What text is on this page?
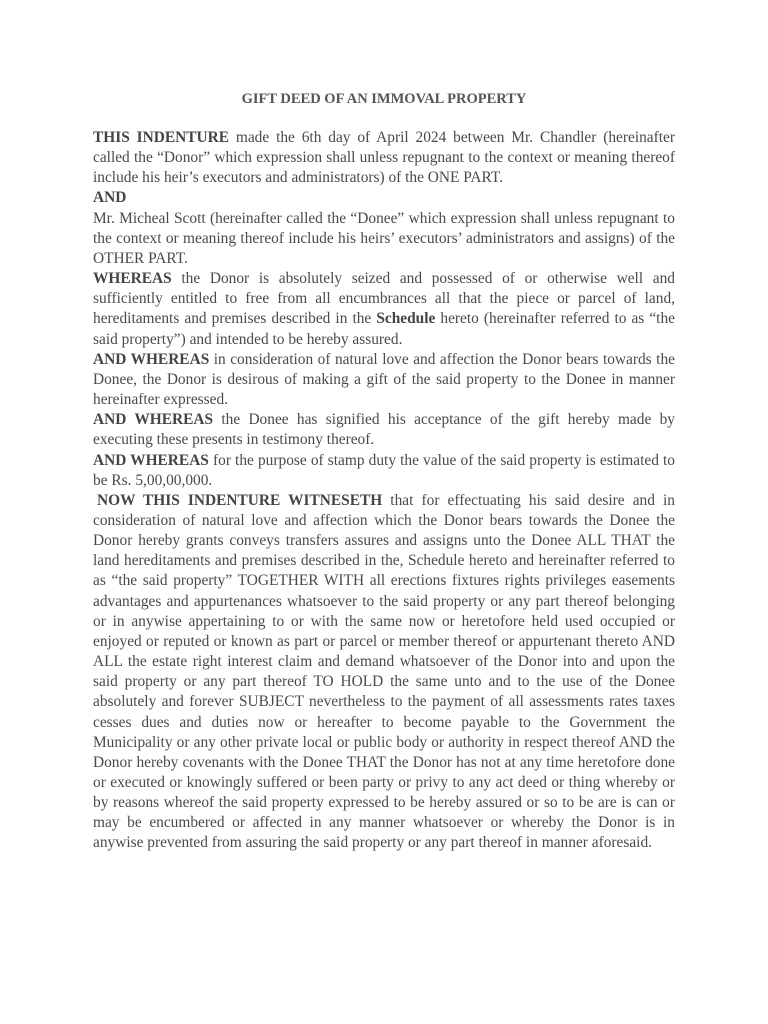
GIFT DEED OF AN IMMOVAL PROPERTY

THIS INDENTURE made the 6th day of April 2024 between Mr. Chandler (hereinafter called the “Donor” which expression shall unless repugnant to the context or meaning thereof include his heir’s executors and administrators) of the ONE PART.

AND

Mr. Micheal Scott (hereinafter called the “Donee” which expression shall unless repugnant to the context or meaning thereof include his heirs’ executors’ administrators and assigns) of the OTHER PART.

WHEREAS the Donor is absolutely seized and possessed of or otherwise well and sufficiently entitled to free from all encumbrances all that the piece or parcel of land, hereditaments and premises described in the Schedule hereto (hereinafter referred to as “the said property”) and intended to be hereby assured.

AND WHEREAS in consideration of natural love and affection the Donor bears towards the Donee, the Donor is desirous of making a gift of the said property to the Donee in manner hereinafter expressed.

AND WHEREAS the Donee has signified his acceptance of the gift hereby made by executing these presents in testimony thereof.

AND WHEREAS for the purpose of stamp duty the value of the said property is estimated to be Rs. 5,00,00,000.

NOW THIS INDENTURE WITNESETH that for effectuating his said desire and in consideration of natural love and affection which the Donor bears towards the Donee the Donor hereby grants conveys transfers assures and assigns unto the Donee ALL THAT the land hereditaments and premises described in the, Schedule hereto and hereinafter referred to as “the said property” TOGETHER WITH all erections fixtures rights privileges easements advantages and appurtenances whatsoever to the said property or any part thereof belonging or in anywise appertaining to or with the same now or heretofore held used occupied or enjoyed or reputed or known as part or parcel or member thereof or appurtenant thereto AND ALL the estate right interest claim and demand whatsoever of the Donor into and upon the said property or any part thereof TO HOLD the same unto and to the use of the Donee absolutely and forever SUBJECT nevertheless to the payment of all assessments rates taxes cesses dues and duties now or hereafter to become payable to the Government the Municipality or any other private local or public body or authority in respect thereof AND the Donor hereby covenants with the Donee THAT the Donor has not at any time heretofore done or executed or knowingly suffered or been party or privy to any act deed or thing whereby or by reasons whereof the said property expressed to be hereby assured or so to be are is can or may be encumbered or affected in any manner whatsoever or whereby the Donor is in anywise prevented from assuring the said property or any part thereof in manner aforesaid.
